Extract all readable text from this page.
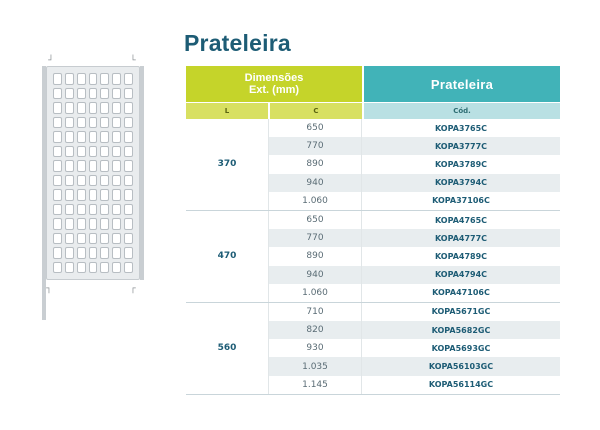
┘	└
┐	┌
Prateleira
Dimensões
Ext. (mm)	Prateleira
L	C	Cód.
370
650	KOPA3765C
770	KOPA3777C
890	KOPA3789C
940	KOPA3794C
1.060	KOPA37106C
470
650	KOPA4765C
770	KOPA4777C
890	KOPA4789C
940	KOPA4794C
1.060	KOPA47106C
560
710	KOPA5671GC
820	KOPA5682GC
930	KOPA5693GC
1.035	KOPA56103GC
1.145	KOPA56114GC
